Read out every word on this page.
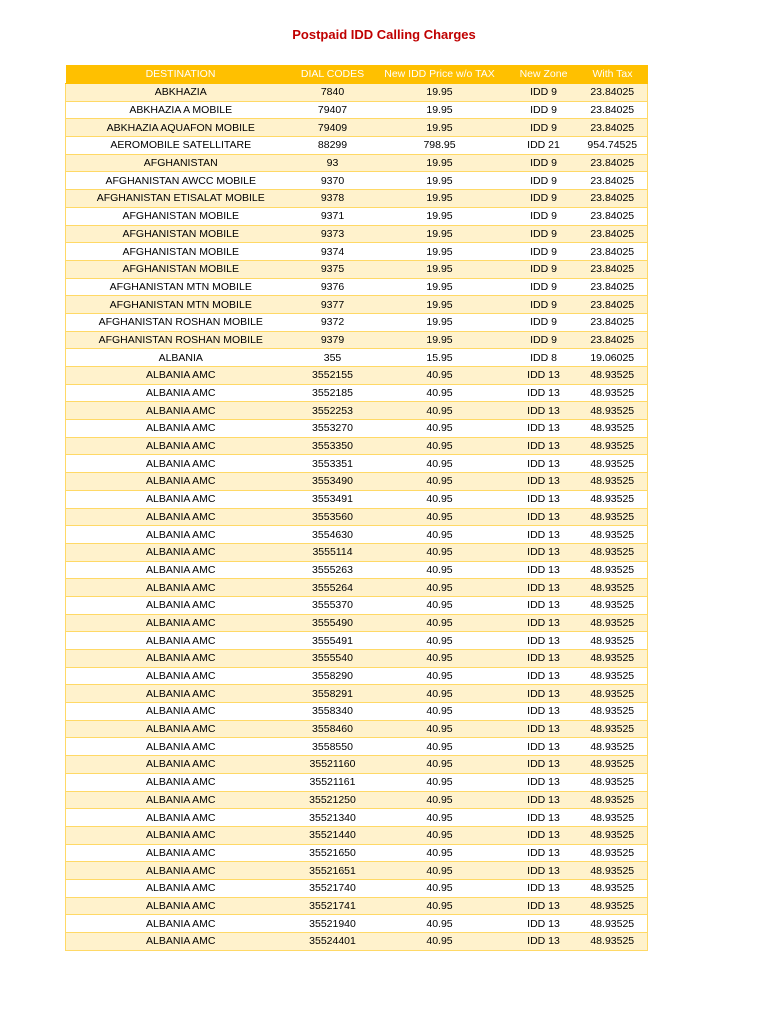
Postpaid IDD Calling Charges
DESTINATION	DIAL CODES	New IDD Price w/o TAX	New Zone	With Tax
ABKHAZIA	7840	19.95	IDD 9	23.84025
ABKHAZIA A MOBILE	79407	19.95	IDD 9	23.84025
ABKHAZIA AQUAFON MOBILE	79409	19.95	IDD 9	23.84025
AEROMOBILE SATELLITARE	88299	798.95	IDD 21	954.74525
AFGHANISTAN	93	19.95	IDD 9	23.84025
AFGHANISTAN AWCC MOBILE	9370	19.95	IDD 9	23.84025
AFGHANISTAN ETISALAT MOBILE	9378	19.95	IDD 9	23.84025
AFGHANISTAN MOBILE	9371	19.95	IDD 9	23.84025
AFGHANISTAN MOBILE	9373	19.95	IDD 9	23.84025
AFGHANISTAN MOBILE	9374	19.95	IDD 9	23.84025
AFGHANISTAN MOBILE	9375	19.95	IDD 9	23.84025
AFGHANISTAN MTN MOBILE	9376	19.95	IDD 9	23.84025
AFGHANISTAN MTN MOBILE	9377	19.95	IDD 9	23.84025
AFGHANISTAN ROSHAN MOBILE	9372	19.95	IDD 9	23.84025
AFGHANISTAN ROSHAN MOBILE	9379	19.95	IDD 9	23.84025
ALBANIA	355	15.95	IDD 8	19.06025
ALBANIA AMC	3552155	40.95	IDD 13	48.93525
ALBANIA AMC	3552185	40.95	IDD 13	48.93525
ALBANIA AMC	3552253	40.95	IDD 13	48.93525
ALBANIA AMC	3553270	40.95	IDD 13	48.93525
ALBANIA AMC	3553350	40.95	IDD 13	48.93525
ALBANIA AMC	3553351	40.95	IDD 13	48.93525
ALBANIA AMC	3553490	40.95	IDD 13	48.93525
ALBANIA AMC	3553491	40.95	IDD 13	48.93525
ALBANIA AMC	3553560	40.95	IDD 13	48.93525
ALBANIA AMC	3554630	40.95	IDD 13	48.93525
ALBANIA AMC	3555114	40.95	IDD 13	48.93525
ALBANIA AMC	3555263	40.95	IDD 13	48.93525
ALBANIA AMC	3555264	40.95	IDD 13	48.93525
ALBANIA AMC	3555370	40.95	IDD 13	48.93525
ALBANIA AMC	3555490	40.95	IDD 13	48.93525
ALBANIA AMC	3555491	40.95	IDD 13	48.93525
ALBANIA AMC	3555540	40.95	IDD 13	48.93525
ALBANIA AMC	3558290	40.95	IDD 13	48.93525
ALBANIA AMC	3558291	40.95	IDD 13	48.93525
ALBANIA AMC	3558340	40.95	IDD 13	48.93525
ALBANIA AMC	3558460	40.95	IDD 13	48.93525
ALBANIA AMC	3558550	40.95	IDD 13	48.93525
ALBANIA AMC	35521160	40.95	IDD 13	48.93525
ALBANIA AMC	35521161	40.95	IDD 13	48.93525
ALBANIA AMC	35521250	40.95	IDD 13	48.93525
ALBANIA AMC	35521340	40.95	IDD 13	48.93525
ALBANIA AMC	35521440	40.95	IDD 13	48.93525
ALBANIA AMC	35521650	40.95	IDD 13	48.93525
ALBANIA AMC	35521651	40.95	IDD 13	48.93525
ALBANIA AMC	35521740	40.95	IDD 13	48.93525
ALBANIA AMC	35521741	40.95	IDD 13	48.93525
ALBANIA AMC	35521940	40.95	IDD 13	48.93525
ALBANIA AMC	35524401	40.95	IDD 13	48.93525
